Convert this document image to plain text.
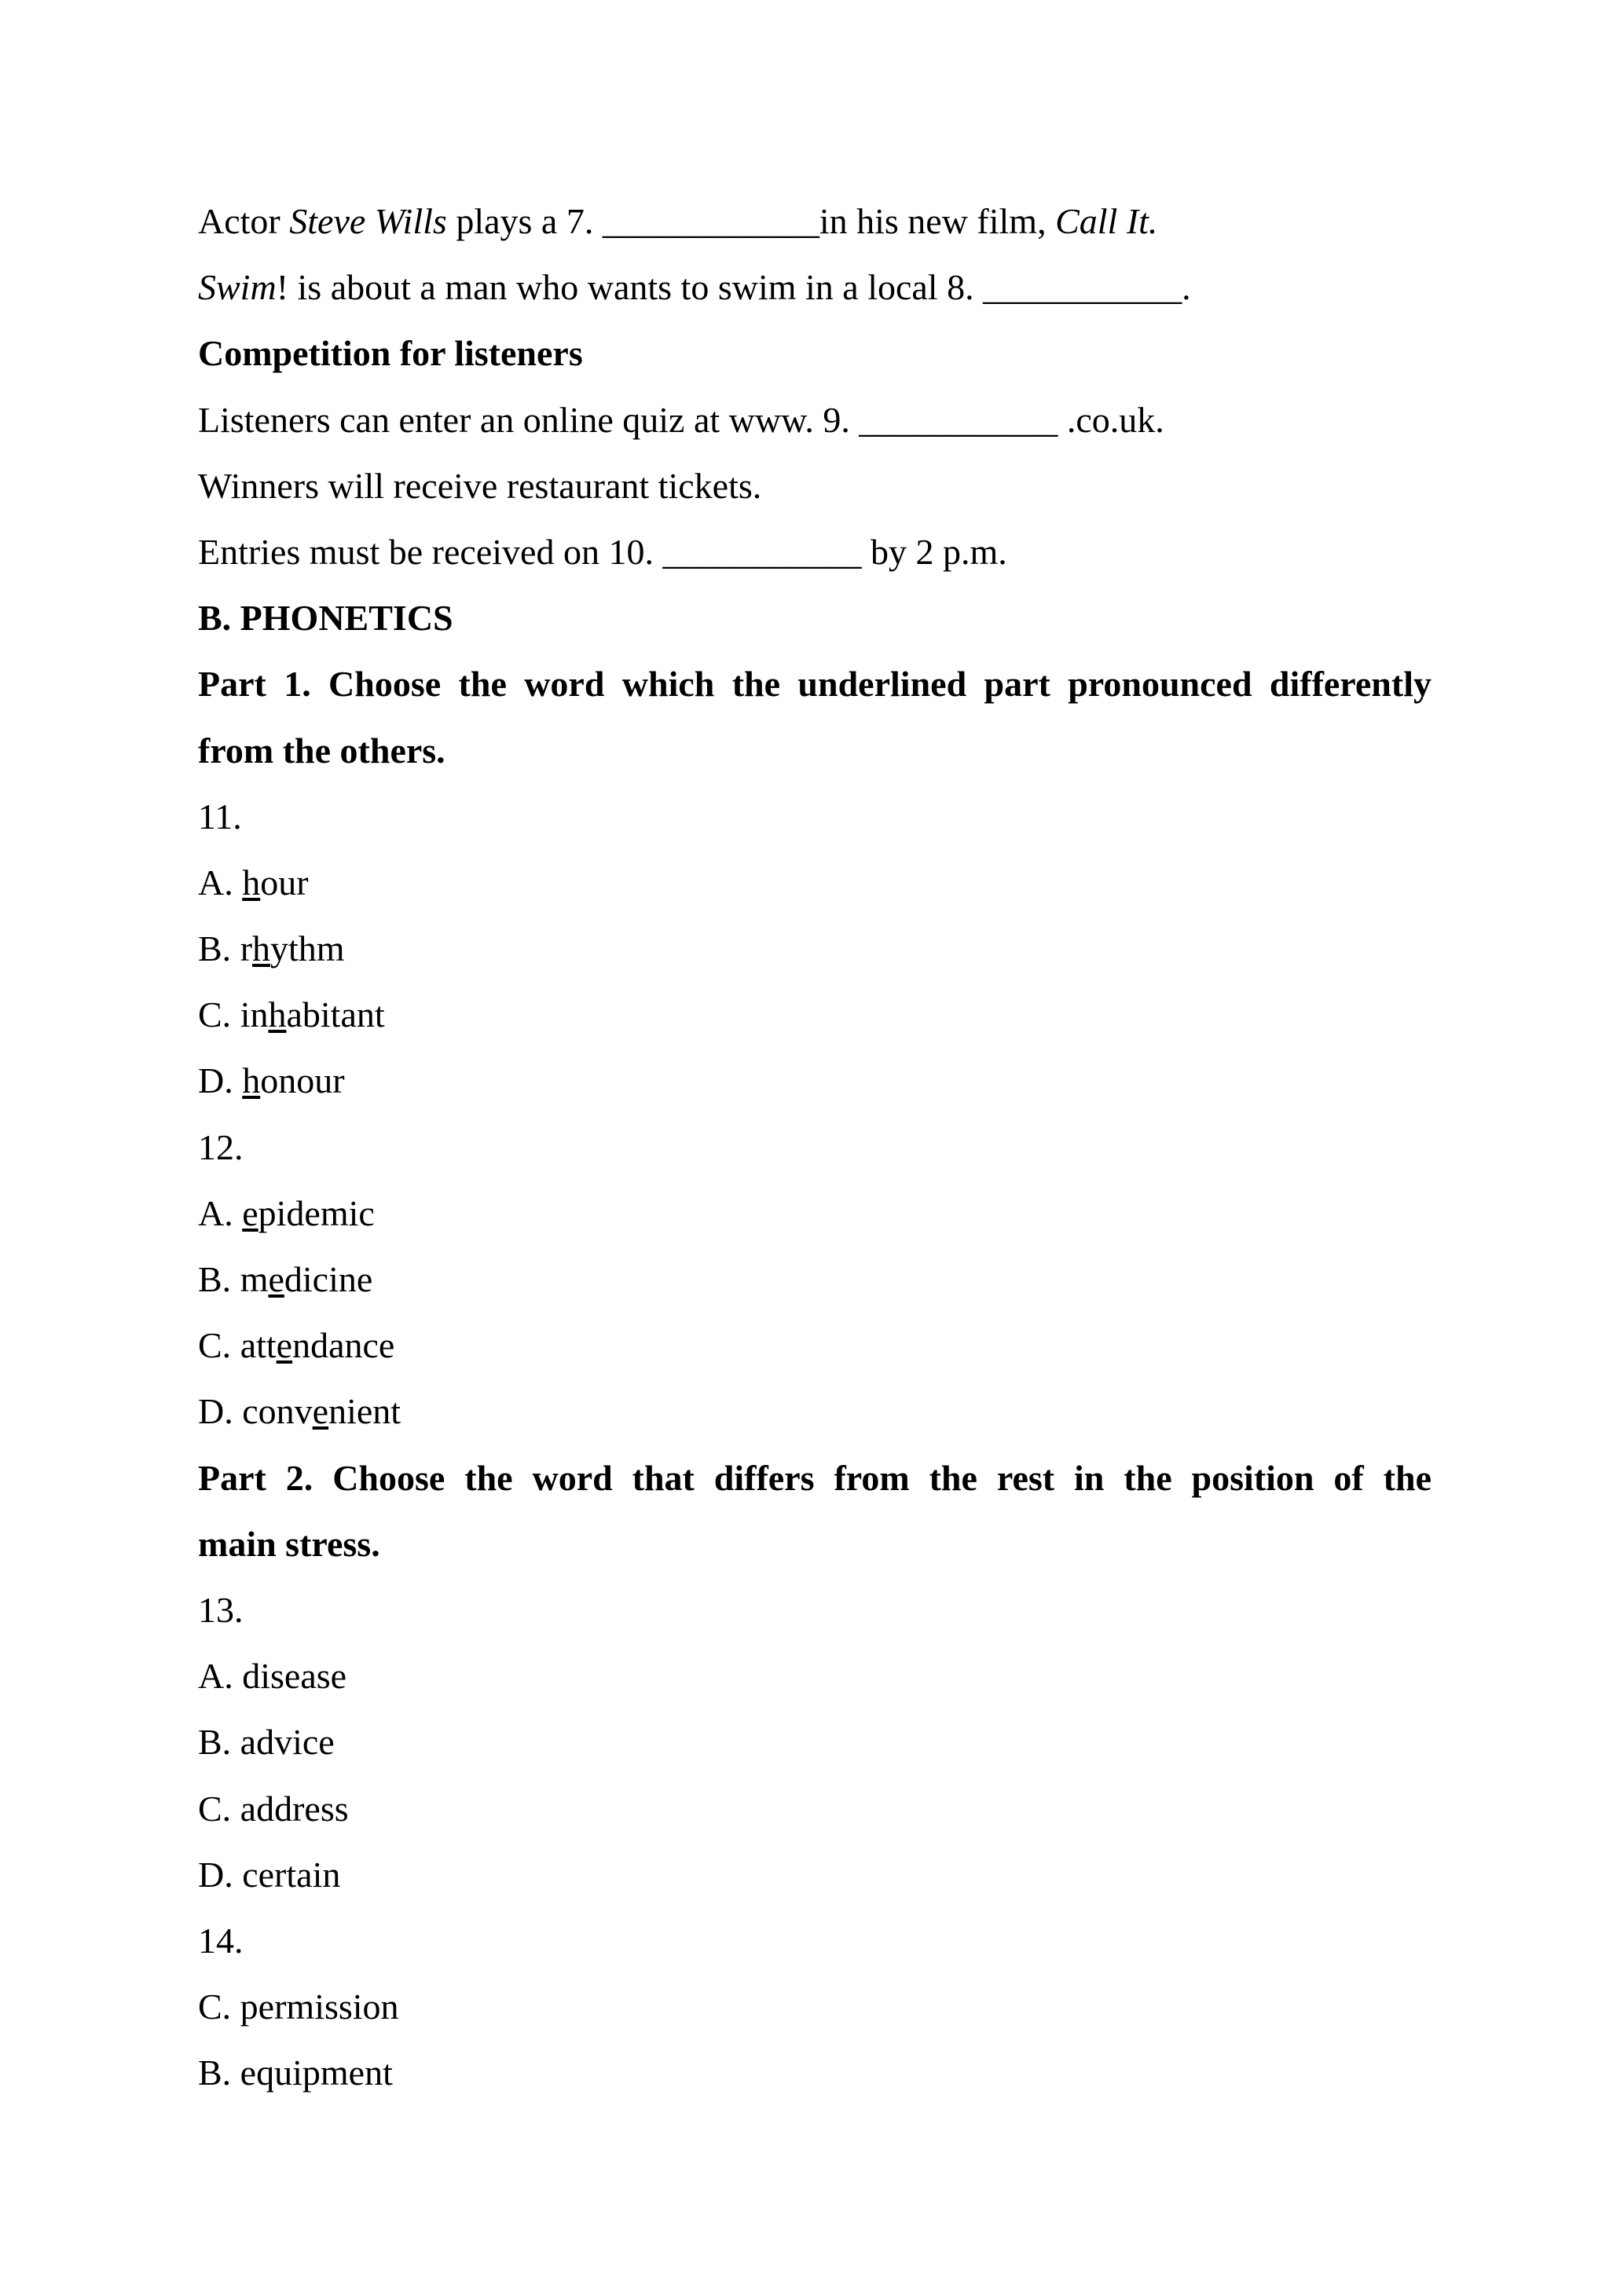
Actor Steve Wills plays a 7. ____________in his new film, Call It.
Swim! is about a man who wants to swim in a local 8. ___________.
Competition for listeners
Listeners can enter an online quiz at www. 9. ___________ .co.uk.
Winners will receive restaurant tickets.
Entries must be received on 10. ___________ by 2 p.m.
B. PHONETICS
Part 1. Choose the word which the underlined part pronounced differently
from the others.
11.
A. hour
B. rhythm
C. inhabitant
D. honour
12.
A. epidemic
B. medicine
C. attendance
D. convenient
Part 2. Choose the word that differs from the rest in the position of the
main stress.
13.
A. disease
B. advice
C. address
D. certain
14.
C. permission
B. equipment
